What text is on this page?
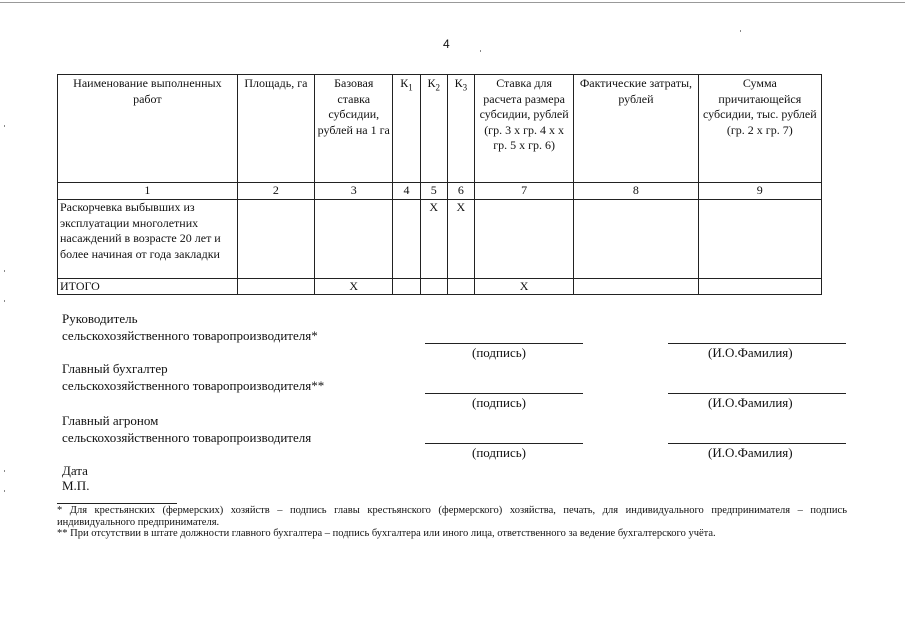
4
Наименование выполненных работ	Площадь, га	Базовая ставка субсидии, рублей на 1 га	$К_1$	$К_2$	$К_3$	Ставка для расчета размера субсидии, рублей (гр. 3 х гр. 4 х х гр. 5 х гр. 6)	Фактические затраты, рублей	Сумма причитающейся субсидии, тыс. рублей (гр. 2 х гр. 7)
1	2	3	4	5	6	7	8	9
Раскорчевка выбывших из эксплуатации многолетних насаждений в возрасте 20 лет и более начиная от года закладки				Х	Х			
ИТОГО		Х				Х		
Руководитель
сельскохозяйственного товаропроизводителя*
(подпись)	(И.О.Фамилия)
Главный бухгалтер
сельскохозяйственного товаропроизводителя**
(подпись)	(И.О.Фамилия)
Главный агроном
сельскохозяйственного товаропроизводителя
(подпись)	(И.О.Фамилия)
Дата
М.П.
* Для крестьянских (фермерских) хозяйств – подпись главы крестьянского (фермерского) хозяйства, печать, для индивидуального предпринимателя – подпись индивидуального предпринимателя.
** При отсутствии в штате должности главного бухгалтера – подпись бухгалтера или иного лица, ответственного за ведение бухгалтерского учёта.
